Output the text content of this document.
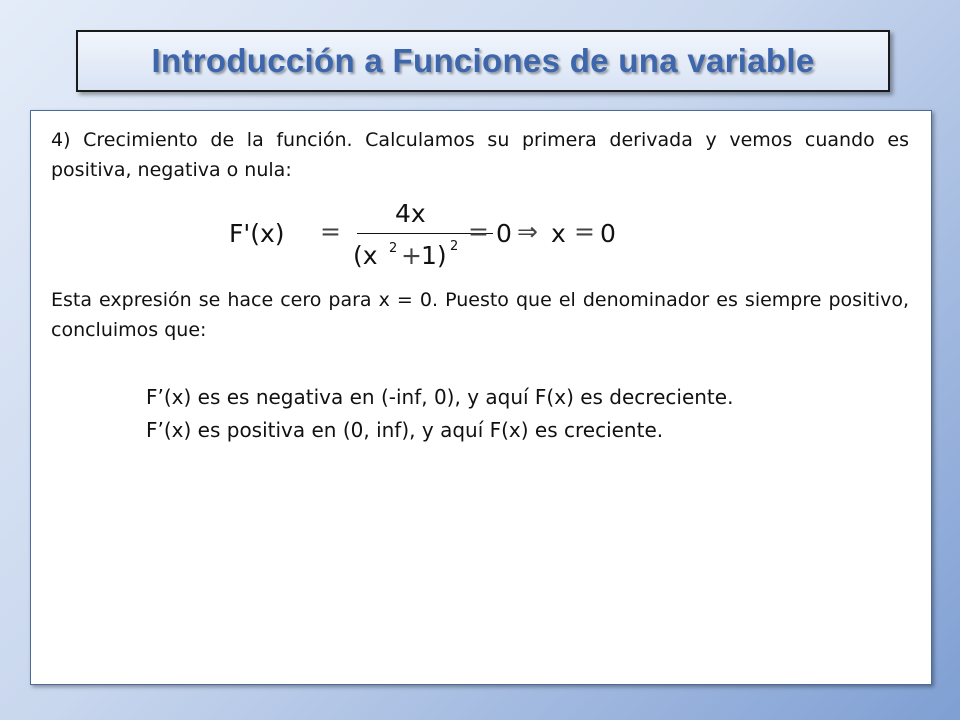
Introducción a Funciones de una variable

4) Crecimiento de la función. Calculamos su primera derivada y vemos cuando es positiva, negativa o nula:

F'(x) =
4x
(x 2 + 1) 2
= 0 ⇒ x = 0

Esta expresión se hace cero para x = 0. Puesto que el denominador es siempre positivo, concluimos que:

F’(x) es es negativa en (-inf, 0), y aquí F(x) es decreciente.

F’(x) es positiva en (0, inf), y aquí F(x) es creciente.
